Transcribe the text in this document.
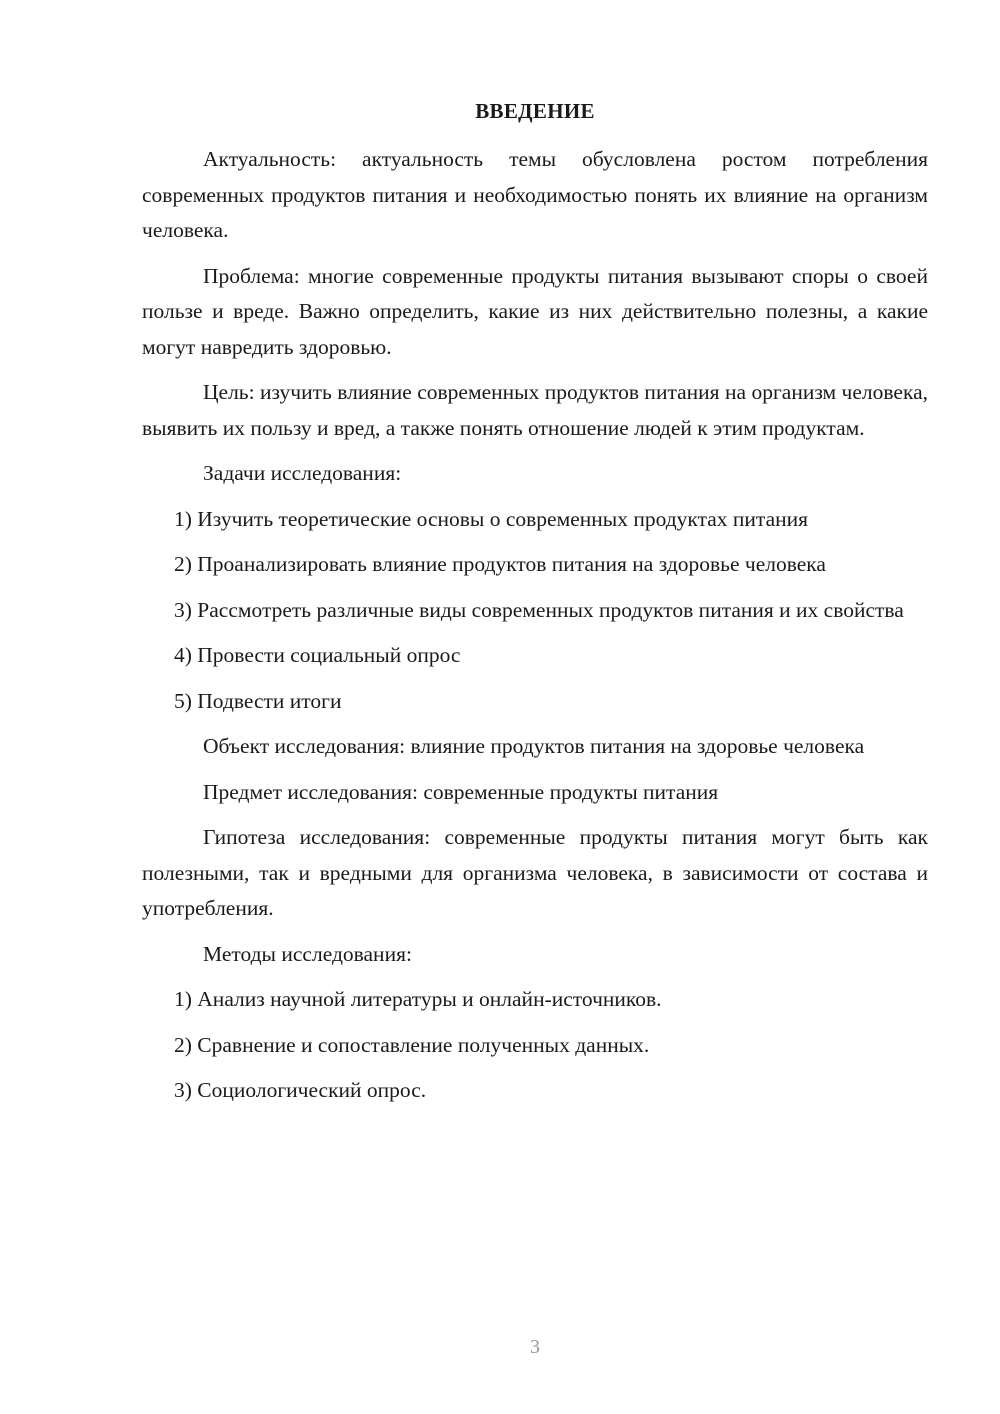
ВВЕДЕНИЕ

Актуальность: актуальность темы обусловлена ростом потребления современных продуктов питания и необходимостью понять их влияние на организм человека.

Проблема: многие современные продукты питания вызывают споры о своей пользе и вреде. Важно определить, какие из них действительно полезны, а какие могут навредить здоровью.

Цель: изучить влияние современных продуктов питания на организм человека, выявить их пользу и вред, а также понять отношение людей к этим продуктам.

Задачи исследования:

1) Изучить теоретические основы о современных продуктах питания

2) Проанализировать влияние продуктов питания на здоровье человека

3) Рассмотреть различные виды современных продуктов питания и их свойства

4) Провести социальный опрос

5) Подвести итоги

Объект исследования: влияние продуктов питания на здоровье человека

Предмет исследования: современные продукты питания

Гипотеза исследования: современные продукты питания могут быть как полезными, так и вредными для организма человека, в зависимости от состава и употребления.

Методы исследования:

1) Анализ научной литературы и онлайн-источников.

2) Сравнение и сопоставление полученных данных.

3) Социологический опрос.

3
